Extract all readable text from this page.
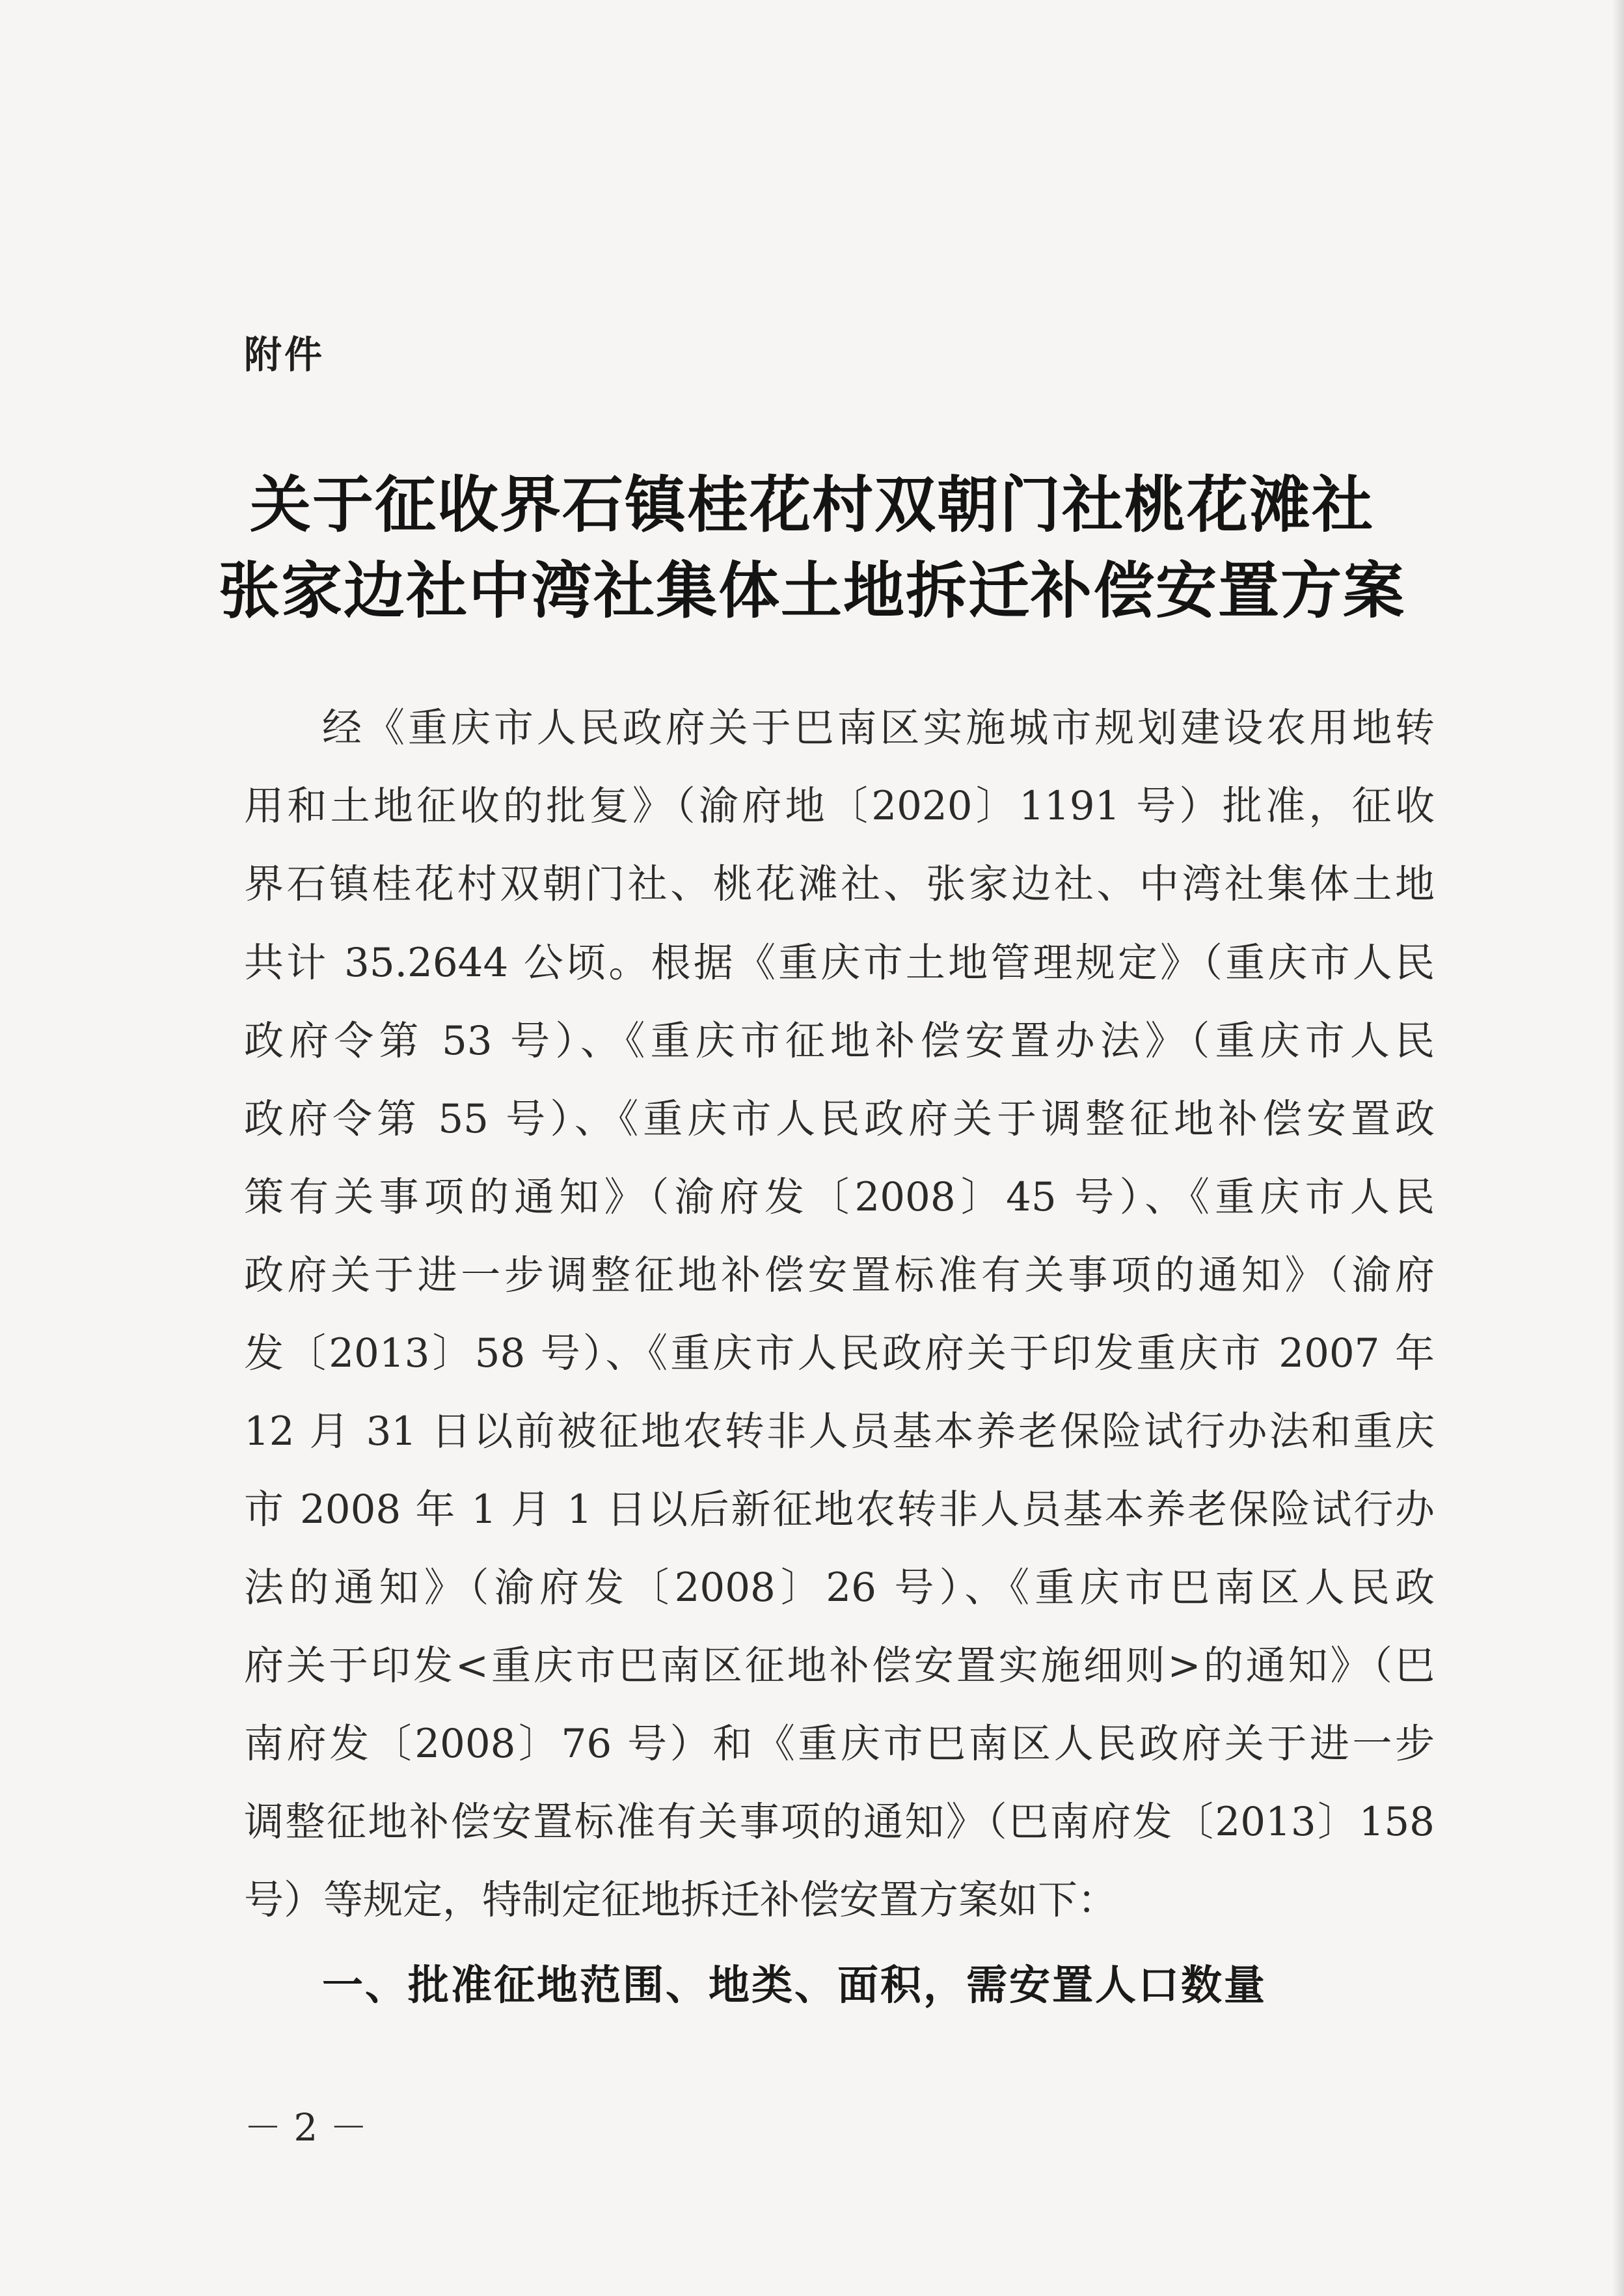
附件
关于征收界石镇桂花村双朝门社桃花滩社
张家边社中湾社集体土地拆迁补偿安置方案
经《重庆市人民政府关于巴南区实施城市规划建设农用地转
用和土地征收的批复》（渝府地〔2020〕1191 号）批准，征收
界石镇桂花村双朝门社、桃花滩社、张家边社、中湾社集体土地
共计 35.2644 公顷。根据《重庆市土地管理规定》（重庆市人民
政府令第 53 号）、《重庆市征地补偿安置办法》（重庆市人民
政府令第 55 号）、《重庆市人民政府关于调整征地补偿安置政
策有关事项的通知》（渝府发〔2008〕45 号）、《重庆市人民
政府关于进一步调整征地补偿安置标准有关事项的通知》（渝府
发〔2013〕58 号）、《重庆市人民政府关于印发重庆市 2007 年
12 月 31 日以前被征地农转非人员基本养老保险试行办法和重庆
市 2008 年 1 月 1 日以后新征地农转非人员基本养老保险试行办
法的通知》（渝府发〔2008〕26 号）、《重庆市巴南区人民政
府关于印发<重庆市巴南区征地补偿安置实施细则>的通知》（巴
南府发〔2008〕76 号）和《重庆市巴南区人民政府关于进一步
调整征地补偿安置标准有关事项的通知》（巴南府发〔2013〕158
号）等规定，特制定征地拆迁补偿安置方案如下：
一、批准征地范围、地类、面积，需安置人口数量
－ 2 －
